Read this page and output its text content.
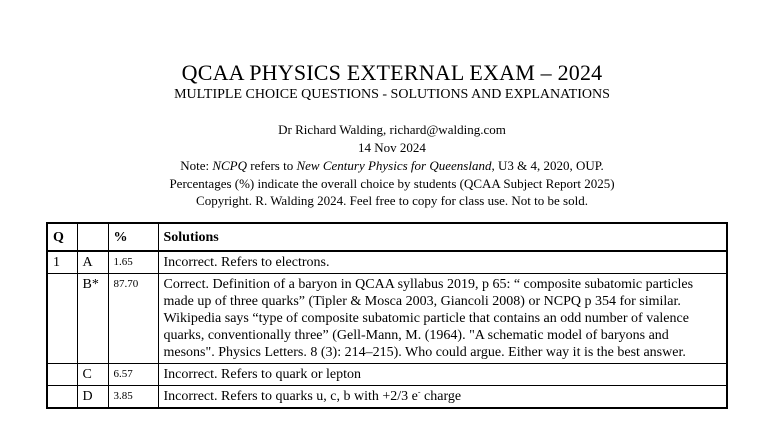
QCAA PHYSICS EXTERNAL EXAM – 2024
MULTIPLE CHOICE QUESTIONS - SOLUTIONS AND EXPLANATIONS
Dr Richard Walding, richard@walding.com
14 Nov 2024
Note: NCPQ refers to New Century Physics for Queensland, U3 & 4, 2020, OUP.
Percentages (%) indicate the overall choice by students (QCAA Subject Report 2025)
Copyright. R. Walding 2024. Feel free to copy for class use. Not to be sold.
Q		%	Solutions
1	A	1.65	Incorrect. Refers to electrons.
	B*	87.70	Correct. Definition of a baryon in QCAA syllabus 2019, p 65: “ composite subatomic particles made up of three quarks” (Tipler & Mosca 2003, Giancoli 2008) or NCPQ p 354 for similar. Wikipedia says “type of composite subatomic particle that contains an odd number of valence quarks, conventionally three” (Gell-Mann, M. (1964). "A schematic model of baryons and mesons". Physics Letters. 8 (3): 214–215). Who could argue. Either way it is the best answer.
	C	6.57	Incorrect. Refers to quark or lepton
	D	3.85	Incorrect. Refers to quarks u, c, b with +2/3 e- charge
